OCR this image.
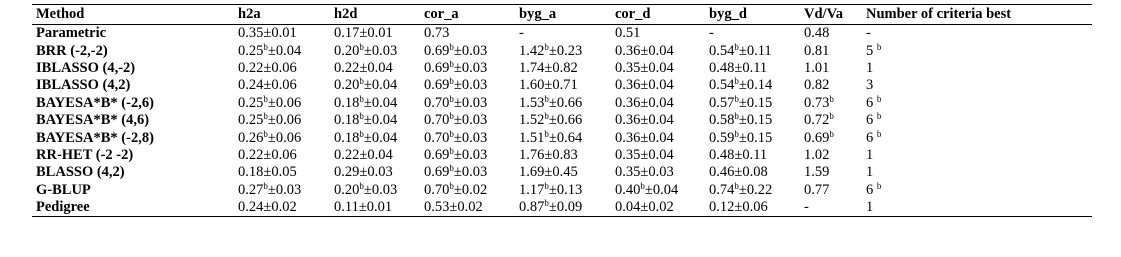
Method	h2a	h2d	cor_a	byg_a	cor_d	byg_d	Vd/Va	Number of criteria best
Parametric	0.35±0.01	0.17±0.01	0.73	-	0.51	-	0.48	-
BRR (-2,-2)	0.25$^b$±0.04	0.20$^b$±0.03	0.69$^b$±0.03	1.42$^b$±0.23	0.36±0.04	0.54$^b$±0.11	0.81	5 $^b$
IBLASSO (4,-2)	0.22±0.06	0.22±0.04	0.69$^b$±0.03	1.74±0.82	0.35±0.04	0.48±0.11	1.01	1
IBLASSO (4,2)	0.24±0.06	0.20$^b$±0.04	0.69$^b$±0.03	1.60±0.71	0.36±0.04	0.54$^b$±0.14	0.82	3
BAYESA*B* (-2,6)	0.25$^b$±0.06	0.18$^b$±0.04	0.70$^b$±0.03	1.53$^b$±0.66	0.36±0.04	0.57$^b$±0.15	0.73$^b$	6 $^b$
BAYESA*B* (4,6)	0.25$^b$±0.06	0.18$^b$±0.04	0.70$^b$±0.03	1.52$^b$±0.66	0.36±0.04	0.58$^b$±0.15	0.72$^b$	6 $^b$
BAYESA*B* (-2,8)	0.26$^b$±0.06	0.18$^b$±0.04	0.70$^b$±0.03	1.51$^b$±0.64	0.36±0.04	0.59$^b$±0.15	0.69$^b$	6 $^b$
RR-HET (-2 -2)	0.22±0.06	0.22±0.04	0.69$^b$±0.03	1.76±0.83	0.35±0.04	0.48±0.11	1.02	1
BLASSO (4,2)	0.18±0.05	0.29±0.03	0.69$^b$±0.03	1.69±0.45	0.35±0.03	0.46±0.08	1.59	1
G-BLUP	0.27$^b$±0.03	0.20$^b$±0.03	0.70$^b$±0.02	1.17$^b$±0.13	0.40$^b$±0.04	0.74$^b$±0.22	0.77	6 $^b$
Pedigree	0.24±0.02	0.11±0.01	0.53±0.02	0.87$^b$±0.09	0.04±0.02	0.12±0.06	-	1
